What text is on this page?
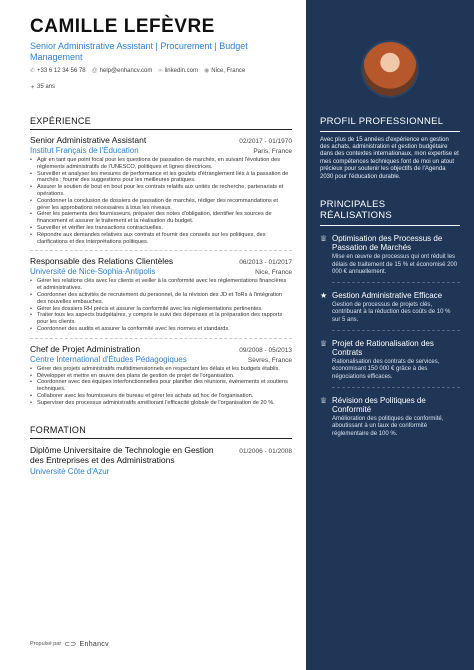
CAMILLE LEFÈVRE
Senior Administrative Assistant | Procurement | Budget Management
✆ +33 6 12 34 56 78 @ help@enhancv.com ∞ linkedin.com ◉ Nice, France
✦ 35 ans
EXPÉRIENCE
Senior Administrative Assistant	02/2017 - 01/1970
Institut Français de l'Éducation	Paris, France
• Agir en tant que point focal pour les questions de passation de marchés, en suivant l'évolution des règlements administratifs de l'UNESCO, politiques et lignes directrices.
• Surveiller et analyser les mesures de performance et les goulets d'étranglement liés à la passation de marchés ; fournir des suggestions pour les meilleures pratiques.
• Assurer le soutien de bout en bout pour les contrats relatifs aux unités de recherche, partenariats et opérations.
• Coordonner la conclusion de dossiers de passation de marchés, rédiger des recommandations et gérer les approbations nécessaires à tous les niveaux.
• Gérer les paiements des fournisseurs, préparer des notes d'obligation, identifier les sources de financement et assurer le traitement et la réalisation du budget.
• Surveiller et vérifier les transactions contractuelles.
• Répondre aux demandes relatives aux contrats et fournir des conseils sur les politiques, des clarifications et des interprétations politiques.
Responsable des Relations Clientèles	06/2013 - 01/2017
Université de Nice-Sophia-Antipolis	Nice, France
• Gérer les relations clés avec les clients et veiller à la conformité avec les réglementations financières et administratives.
• Coordonner des activités de recrutement du personnel, de la révision des JD et ToRs à l'intégration des nouvelles embauches.
• Gérer les dossiers RH précis et assurer la conformité avec les réglementations pertinentes.
• Traiter tous les aspects budgétaires, y compris le suivi des dépenses et la préparation des rapports pour les clients.
• Coordonner des audits et assurer la conformité avec les normes et standards.
Chef de Projet Administration	09/2008 - 05/2013
Centre International d'Études Pédagogiques	Sèvres, France
• Gérer des projets administratifs multidimensionnels en respectant les délais et les budgets établis.
• Développer et mettre en œuvre des plans de gestion de projet de l'organisation.
• Coordonner avec des équipes interfonctionnelles pour planifier des réunions, événements et soutiens techniques.
• Collaborer avec les fournisseurs de bureau et gérer les achats ad hoc de l'organisation.
• Superviser des processus administratifs améliorant l'efficacité globale de l'organisation de 20 %.
FORMATION
Diplôme Universitaire de Technologie en Gestion des Entreprises et des Administrations
01/2006 - 01/2008
Université Côte d'Azur
Propulsé par ⊂⊃ Enhancv
PROFIL PROFESSIONNEL
Avec plus de 15 années d'expérience en gestion des achats, administration et gestion budgétaire dans des contextes internationaux, mon expertise et mes compétences techniques font de moi un atout précieux pour soutenir les objectifs de l'Agenda 2030 pour l'éducation durable.
PRINCIPALES RÉALISATIONS
♕ Optimisation des Processus de Passation de Marchés
Mise en œuvre de processus qui ont réduit les délais de traitement de 15 % et économisé 200 000 € annuellement.
★ Gestion Administrative Efficace
Gestion de processus de projets clés, contribuant à la réduction des coûts de 10 % sur 5 ans.
♕ Projet de Rationalisation des Contrats
Rationalisation des contrats de services, économisant 150 000 € grâce à des négociations efficaces.
♕ Révision des Politiques de Conformité
Amélioration des politiques de conformité, aboutissant à un taux de conformité réglementaire de 100 %.
